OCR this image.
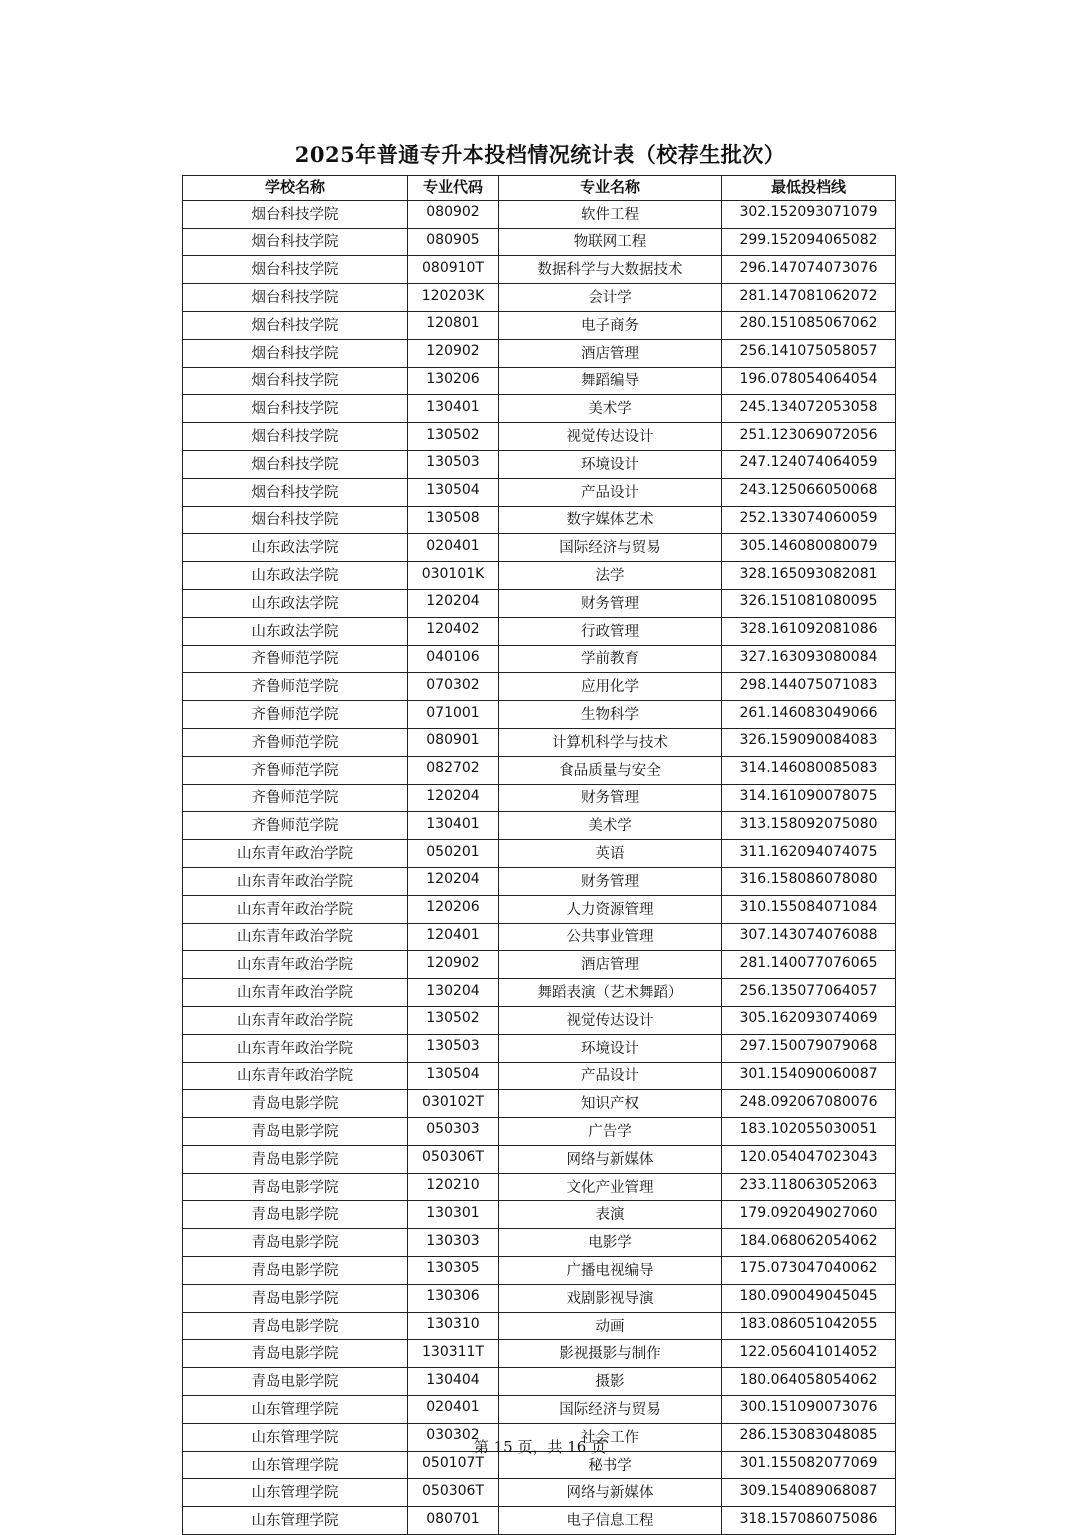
2025年普通专升本投档情况统计表（校荐生批次）
学校名称	专业代码	专业名称	最低投档线
烟台科技学院	080902	软件工程	302.152093071079
烟台科技学院	080905	物联网工程	299.152094065082
烟台科技学院	080910T	数据科学与大数据技术	296.147074073076
烟台科技学院	120203K	会计学	281.147081062072
烟台科技学院	120801	电子商务	280.151085067062
烟台科技学院	120902	酒店管理	256.141075058057
烟台科技学院	130206	舞蹈编导	196.078054064054
烟台科技学院	130401	美术学	245.134072053058
烟台科技学院	130502	视觉传达设计	251.123069072056
烟台科技学院	130503	环境设计	247.124074064059
烟台科技学院	130504	产品设计	243.125066050068
烟台科技学院	130508	数字媒体艺术	252.133074060059
山东政法学院	020401	国际经济与贸易	305.146080080079
山东政法学院	030101K	法学	328.165093082081
山东政法学院	120204	财务管理	326.151081080095
山东政法学院	120402	行政管理	328.161092081086
齐鲁师范学院	040106	学前教育	327.163093080084
齐鲁师范学院	070302	应用化学	298.144075071083
齐鲁师范学院	071001	生物科学	261.146083049066
齐鲁师范学院	080901	计算机科学与技术	326.159090084083
齐鲁师范学院	082702	食品质量与安全	314.146080085083
齐鲁师范学院	120204	财务管理	314.161090078075
齐鲁师范学院	130401	美术学	313.158092075080
山东青年政治学院	050201	英语	311.162094074075
山东青年政治学院	120204	财务管理	316.158086078080
山东青年政治学院	120206	人力资源管理	310.155084071084
山东青年政治学院	120401	公共事业管理	307.143074076088
山东青年政治学院	120902	酒店管理	281.140077076065
山东青年政治学院	130204	舞蹈表演（艺术舞蹈）	256.135077064057
山东青年政治学院	130502	视觉传达设计	305.162093074069
山东青年政治学院	130503	环境设计	297.150079079068
山东青年政治学院	130504	产品设计	301.154090060087
青岛电影学院	030102T	知识产权	248.092067080076
青岛电影学院	050303	广告学	183.102055030051
青岛电影学院	050306T	网络与新媒体	120.054047023043
青岛电影学院	120210	文化产业管理	233.118063052063
青岛电影学院	130301	表演	179.092049027060
青岛电影学院	130303	电影学	184.068062054062
青岛电影学院	130305	广播电视编导	175.073047040062
青岛电影学院	130306	戏剧影视导演	180.090049045045
青岛电影学院	130310	动画	183.086051042055
青岛电影学院	130311T	影视摄影与制作	122.056041014052
青岛电影学院	130404	摄影	180.064058054062
山东管理学院	020401	国际经济与贸易	300.151090073076
山东管理学院	030302	社会工作	286.153083048085
山东管理学院	050107T	秘书学	301.155082077069
山东管理学院	050306T	网络与新媒体	309.154089068087
山东管理学院	080701	电子信息工程	318.157086075086
第 15 页，共 16 页
